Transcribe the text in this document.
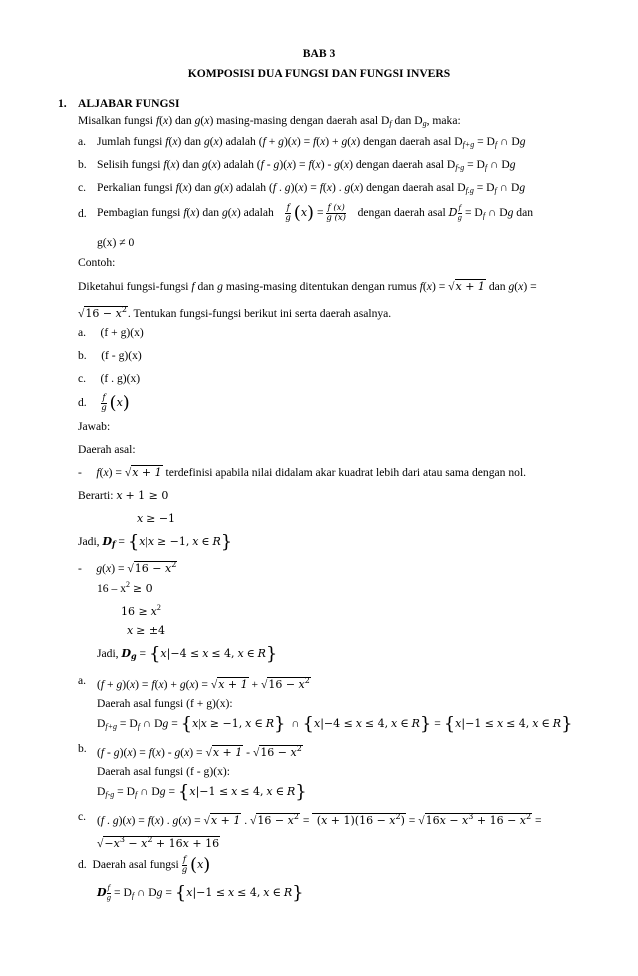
BAB 3
KOMPOSISI DUA FUNGSI DAN FUNGSI INVERS
1. ALJABAR FUNGSI
Misalkan fungsi f(x) dan g(x) masing-masing dengan daerah asal $D_f$ dan $D_g$, maka:
a. Jumlah fungsi f(x) dan g(x) adalah (f + g)(x) = f(x) + g(x) dengan daerah asal $D_{f+g} = D_f$ ∩ Dg
b. Selisih fungsi f(x) dan g(x) adalah (f - g)(x) = f(x) - g(x) dengan daerah asal $D_{f-g} = D_f$ ∩ Dg
c. Perkalian fungsi f(x) dan g(x) adalah (f . g)(x) = f(x) . g(x) dengan daerah asal $D_{f.g} = D_f$ ∩ Dg
d. Pembagian fungsi f(x) dan g(x) adalah $\frac{f}{g} (x) = \frac{f (x)}{g (x)}$ dengan daerah asal D $\frac{f}{g} = D_f$ ∩ Dg dan
g(x) ≠ 0
Contoh:
Diketahui fungsi-fungsi f dan g masing-masing ditentukan dengan rumus f(x) = √x + 1 dan g(x) =
$√16 - x^2$. Tentukan fungsi-fungsi berikut ini serta daerah asalnya.
a.     (f + g)(x)
b.     (f - g)(x)
c.     (f . g)(x)
d. $\frac{f}{g} (x)$
Jawab:
Daerah asal:
-     f(x) = √x + 1 terdefinisi apabila nilai didalam akar kuadrat lebih dari atau sama dengan nol.
Berarti: x + 1 ≥ 0
x ≥ −1
Jadi, $D_f = \{x|x \ge -1$, x ∈ R}
-     $g(x) = √16 - x^2$
$16 - x^2 \ge 0$
$16 \ge x^2$
x ≥ ±4
Jadi, $D_g = \{x|-4 \le x \le 4$, x ∈ R}
a. $(f + g)(x) = f(x) + g(x) = √x + 1 + √16 - x^2$
Daerah asal fungsi (f + g)(x):
$D_{f+g} = D_f$ ∩ Dg = {x|x ≥ −1, x ∈ R}  ∩ {x|−4 ≤ x ≤ 4, x ∈ R} = {x|−1 ≤ x ≤ 4, x ∈ R}
b. $(f - g)(x) = f(x) - g(x) = √x + 1 - √16 - x^2$
Daerah asal fungsi (f - g)(x):
$D_{f-g} = D_f$ ∩ Dg = {x|−1 ≤ x ≤ 4, x ∈ R}
c. (f . g)(x) = f(x) . g(x) = √x + 1 . $√16 - x^2 = (x + 1)(16 - x^2) = √16x - x^3 + 16 - x^2$ =
$√-x^3 - x^2 + 16x + 16$
d.  Daerah asal fungsi $\frac{f}{g} (x)$
D $\frac{f}{g} = D_f$ ∩ Dg = {x|−1 ≤ x ≤ 4, x ∈ R}
